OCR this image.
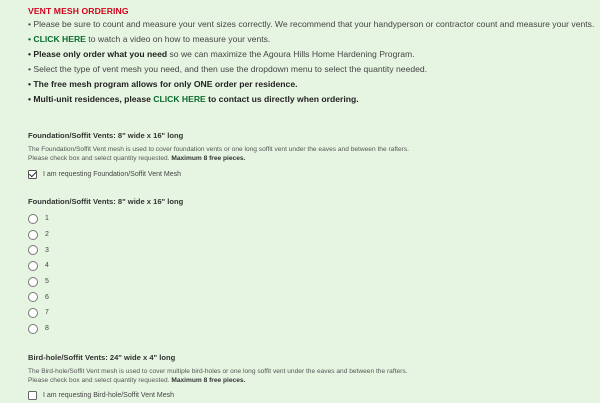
VENT MESH ORDERING
• Please be sure to count and measure your vent sizes correctly. We recommend that your handyperson or contractor count and measure your vents.
• CLICK HERE to watch a video on how to measure your vents.
• Please only order what you need so we can maximize the Agoura Hills Home Hardening Program.
• Select the type of vent mesh you need, and then use the dropdown menu to select the quantity needed.
• The free mesh program allows for only ONE order per residence.
• Multi-unit residences, please CLICK HERE to contact us directly when ordering.
Foundation/Soffit Vents: 8" wide x 16" long
The Foundation/Soffit Vent mesh is used to cover foundation vents or one long soffit vent under the eaves and between the rafters.
Please check box and select quantity requested. Maximum 8 free pieces.
I am requesting Foundation/Soffit Vent Mesh
Foundation/Soffit Vents: 8" wide x 16" long
1
2
3
4
5
6
7
8
Bird-hole/Soffit Vents: 24" wide x 4" long
The Bird-hole/Soffit Vent mesh is used to cover multiple bird-holes or one long soffit vent under the eaves and between the rafters.
Please check box and select quantity requested. Maximum 8 free pieces.
I am requesting Bird-hole/Soffit Vent Mesh
